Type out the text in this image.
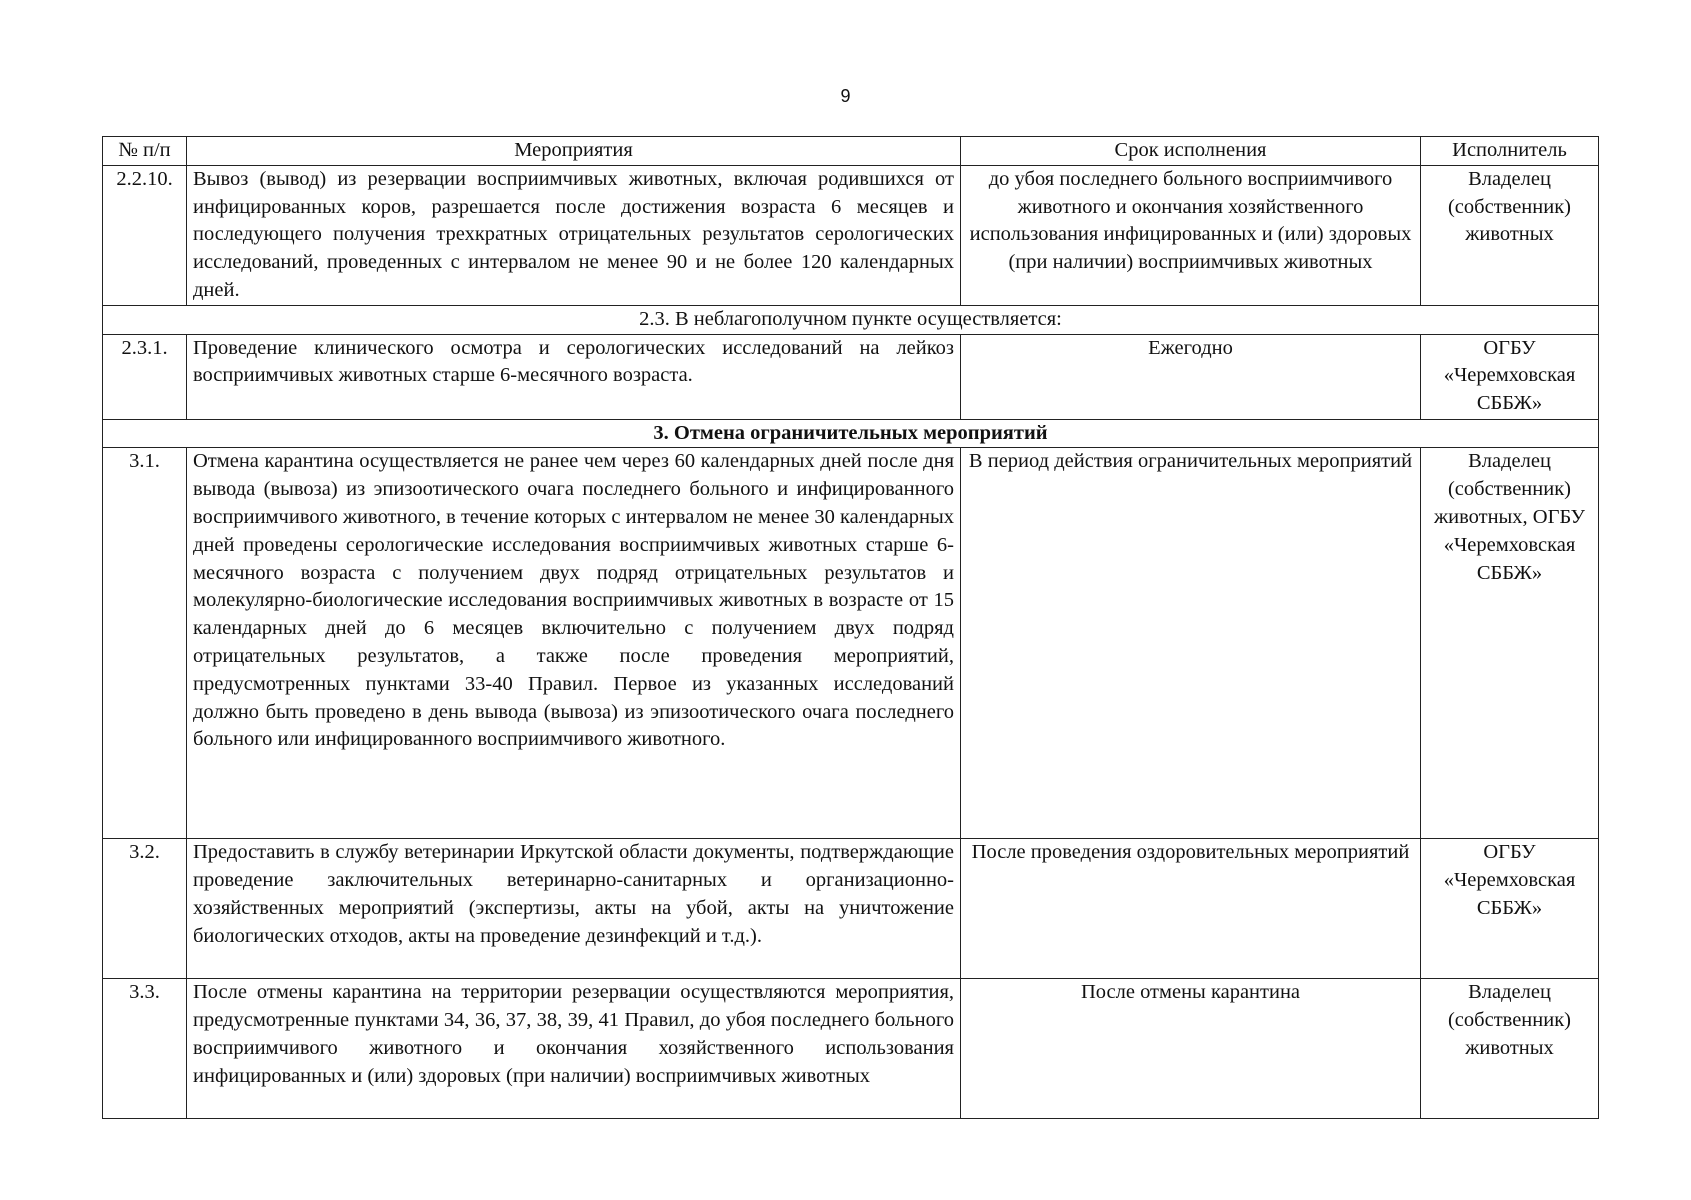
9
№ п/п	Мероприятия	Срок исполнения	Исполнитель
2.2.10.	Вывоз (вывод) из резервации восприимчивых животных, включая родившихся от инфицированных коров, разрешается после достижения возраста 6 месяцев и последующего получения трехкратных отрицательных результатов серологических исследований, проведенных с интервалом не менее 90 и не более 120 календарных дней.	до убоя последнего больного восприимчивого животного и окончания хозяйственного использования инфицированных и (или) здоровых (при наличии) восприимчивых животных	Владелец (собственник) животных
2.3. В неблагополучном пункте осуществляется:			
2.3.1.	Проведение клинического осмотра и серологических исследований на лейкоз восприимчивых животных старше 6-месячного возраста.	Ежегодно	ОГБУ «Черемховская СББЖ»
3. Отмена ограничительных мероприятий			
3.1.	Отмена карантина осуществляется не ранее чем через 60 календарных дней после дня вывода (вывоза) из эпизоотического очага последнего больного и инфицированного восприимчивого животного, в течение которых с интервалом не менее 30 календарных дней проведены серологические исследования восприимчивых животных старше 6-месячного возраста с получением двух подряд отрицательных результатов и молекулярно-биологические исследования восприимчивых животных в возрасте от 15 календарных дней до 6 месяцев включительно с получением двух подряд отрицательных результатов, а также после проведения мероприятий, предусмотренных пунктами 33-40 Правил. Первое из указанных исследований должно быть проведено в день вывода (вывоза) из эпизоотического очага последнего больного или инфицированного восприимчивого животного.	В период действия ограничительных мероприятий	Владелец (собственник) животных, ОГБУ «Черемховская СББЖ»
3.2.	Предоставить в службу ветеринарии Иркутской области документы, подтверждающие проведение заключительных ветеринарно-санитарных и организационно-хозяйственных мероприятий (экспертизы, акты на убой, акты на уничтожение биологических отходов, акты на проведение дезинфекций и т.д.).	После проведения оздоровительных мероприятий	ОГБУ «Черемховская СББЖ»
3.3.	После отмены карантина на территории резервации осуществляются мероприятия, предусмотренные пунктами 34, 36, 37, 38, 39, 41 Правил, до убоя последнего больного восприимчивого животного и окончания хозяйственного использования инфицированных и (или) здоровых (при наличии) восприимчивых животных	После отмены карантина	Владелец (собственник) животных
